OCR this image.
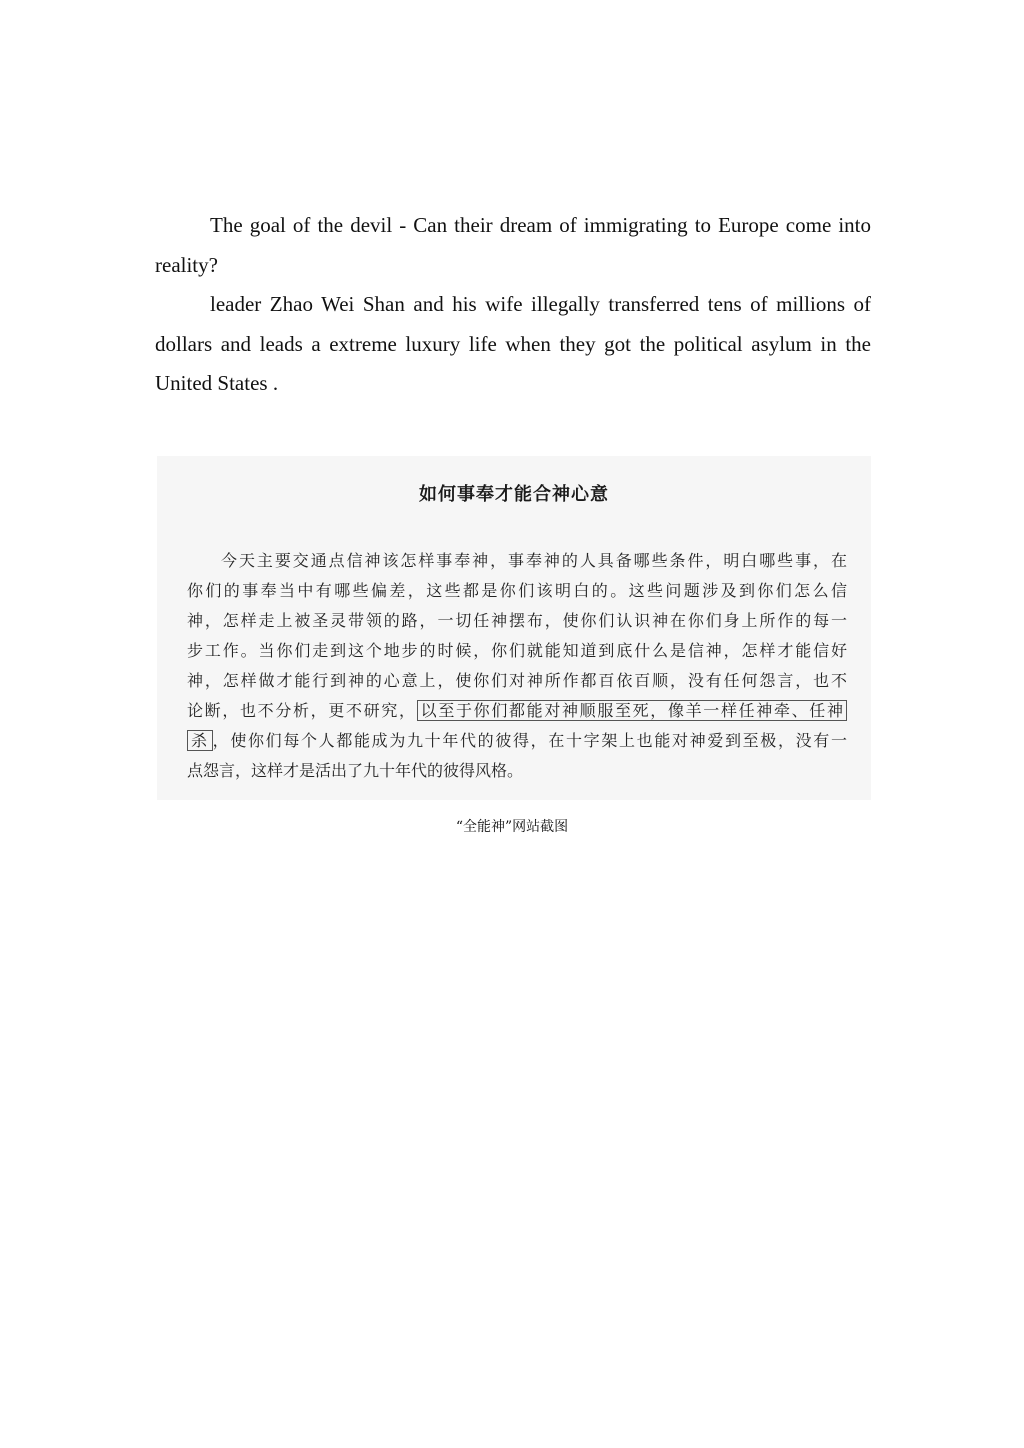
The goal of the devil - Can their dream of immigrating to Europe come into reality?

leader Zhao Wei Shan and his wife illegally transferred tens of millions of dollars and leads a extreme luxury life when they got the political asylum in the United States .

如何事奉才能合神心意
今天主要交通点信神该怎样事奉神，事奉神的人具备哪些条件，明白哪些事，在
你们的事奉当中有哪些偏差，这些都是你们该明白的。这些问题涉及到你们怎么信
神，怎样走上被圣灵带领的路，一切任神摆布，使你们认识神在你们身上所作的每一
步工作。当你们走到这个地步的时候，你们就能知道到底什么是信神，怎样才能信好
神，怎样做才能行到神的心意上，使你们对神所作都百依百顺，没有任何怨言，也不
论断，也不分析，更不研究， 以至于你们都能对神顺服至死，像羊一样任神牵、任神
杀 ，使你们每个人都能成为九十年代的彼得，在十字架上也能对神爱到至极，没有一
点怨言，这样才是活出了九十年代的彼得风格。
“全能神”网站截图
